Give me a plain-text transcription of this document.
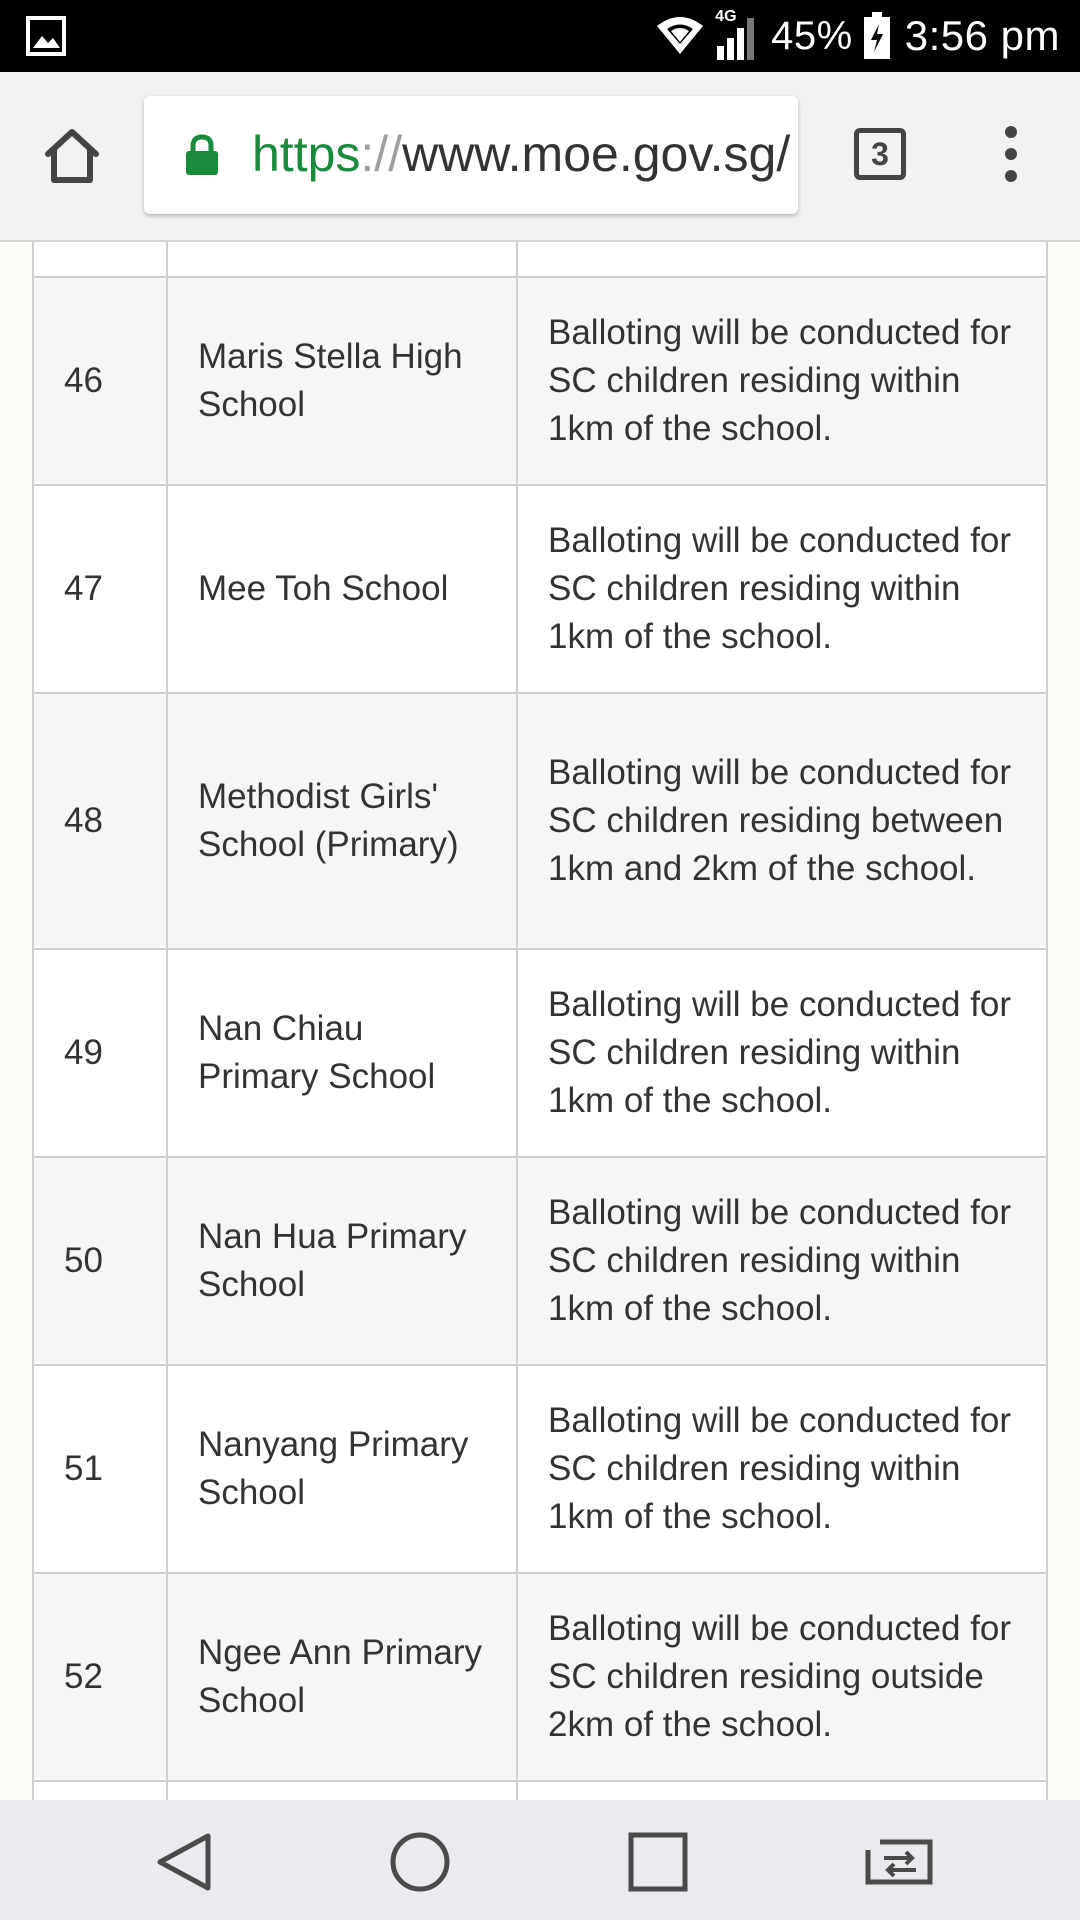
4G 45% 3:56 pm
https://www.moe.gov.sg/	3

46	Maris Stella High School	Balloting will be conducted for SC children residing within 1km of the school.
47	Mee Toh School	Balloting will be conducted for SC children residing within 1km of the school.
48	Methodist Girls' School (Primary)	Balloting will be conducted for SC children residing between 1km and 2km of the school.
49	Nan Chiau Primary School	Balloting will be conducted for SC children residing within 1km of the school.
50	Nan Hua Primary School	Balloting will be conducted for SC children residing within 1km of the school.
51	Nanyang Primary School	Balloting will be conducted for SC children residing within 1km of the school.
52	Ngee Ann Primary School	Balloting will be conducted for SC children residing outside 2km of the school.
